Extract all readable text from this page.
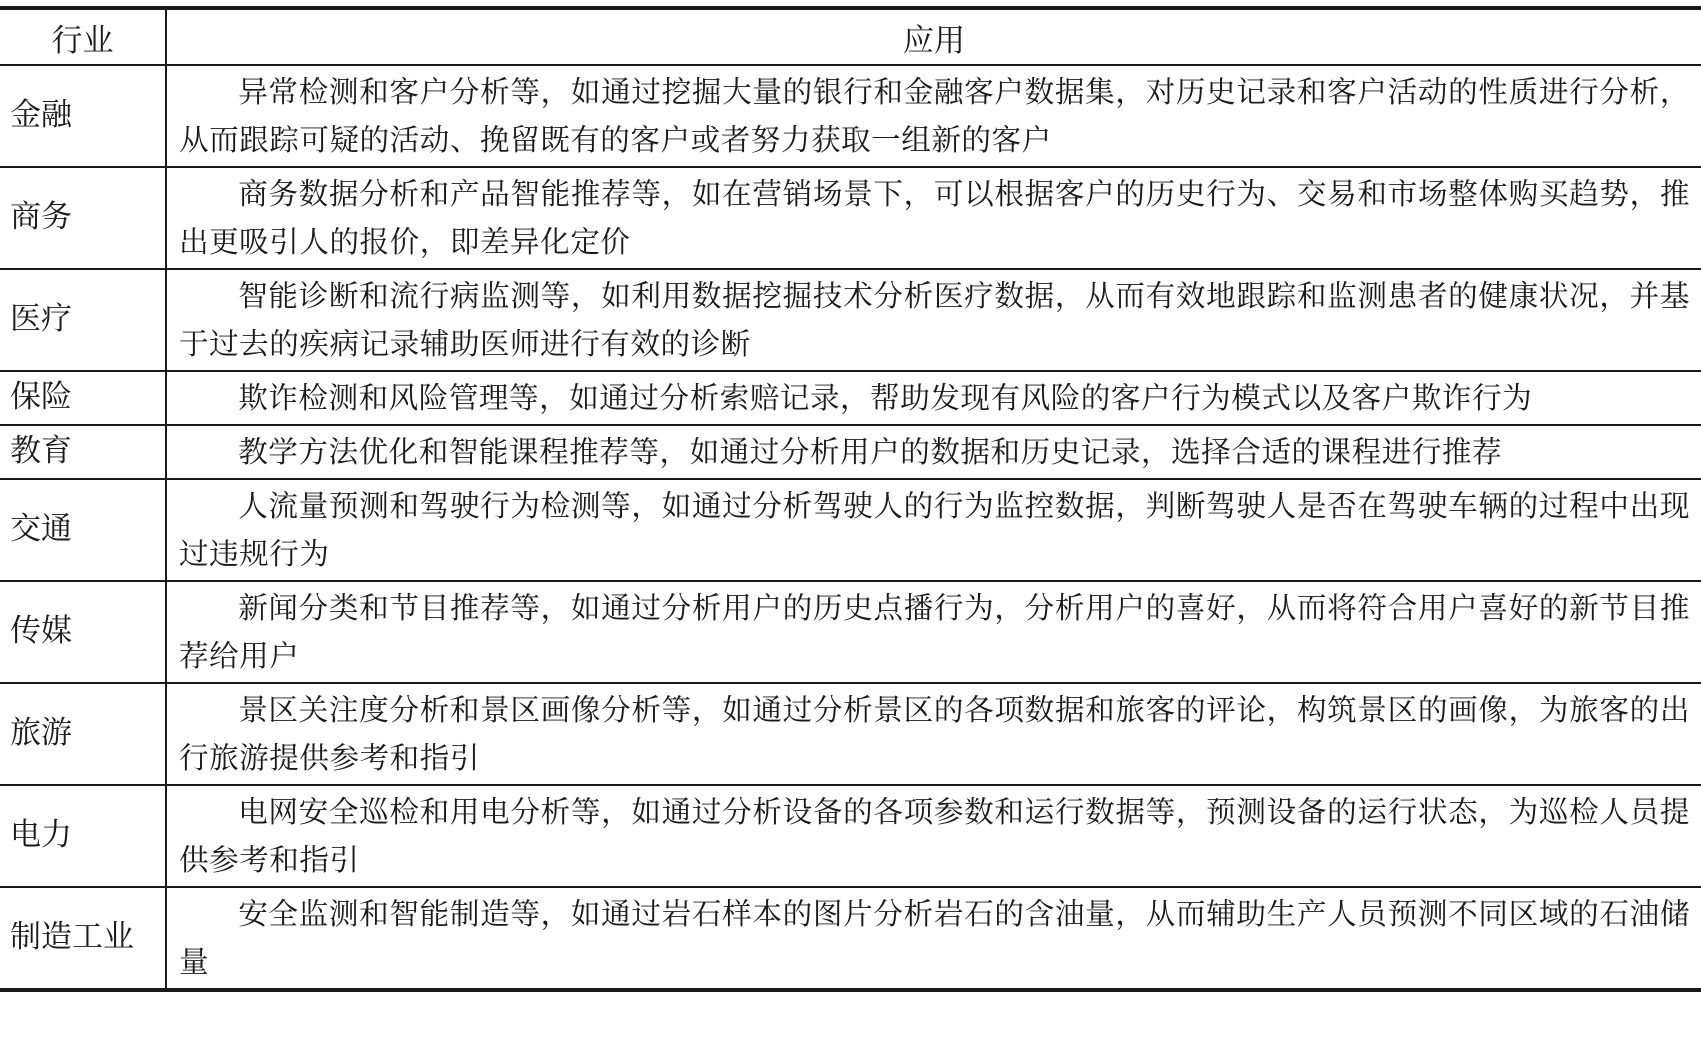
行业	应用
金融	异常检测和客户分析等，如通过挖掘大量的银行和金融客户数据集，对历史记录和客户活动的性质进行分析，从而跟踪可疑的活动、挽留既有的客户或者努力获取一组新的客户
商务	商务数据分析和产品智能推荐等，如在营销场景下，可以根据客户的历史行为、交易和市场整体购买趋势，推出更吸引人的报价，即差异化定价
医疗	智能诊断和流行病监测等，如利用数据挖掘技术分析医疗数据，从而有效地跟踪和监测患者的健康状况，并基于过去的疾病记录辅助医师进行有效的诊断
保险	欺诈检测和风险管理等，如通过分析索赔记录，帮助发现有风险的客户行为模式以及客户欺诈行为
教育	教学方法优化和智能课程推荐等，如通过分析用户的数据和历史记录，选择合适的课程进行推荐
交通	人流量预测和驾驶行为检测等，如通过分析驾驶人的行为监控数据，判断驾驶人是否在驾驶车辆的过程中出现过违规行为
传媒	新闻分类和节目推荐等，如通过分析用户的历史点播行为，分析用户的喜好，从而将符合用户喜好的新节目推荐给用户
旅游	景区关注度分析和景区画像分析等，如通过分析景区的各项数据和旅客的评论，构筑景区的画像，为旅客的出行旅游提供参考和指引
电力	电网安全巡检和用电分析等，如通过分析设备的各项参数和运行数据等，预测设备的运行状态，为巡检人员提供参考和指引
制造工业	安全监测和智能制造等，如通过岩石样本的图片分析岩石的含油量，从而辅助生产人员预测不同区域的石油储量
